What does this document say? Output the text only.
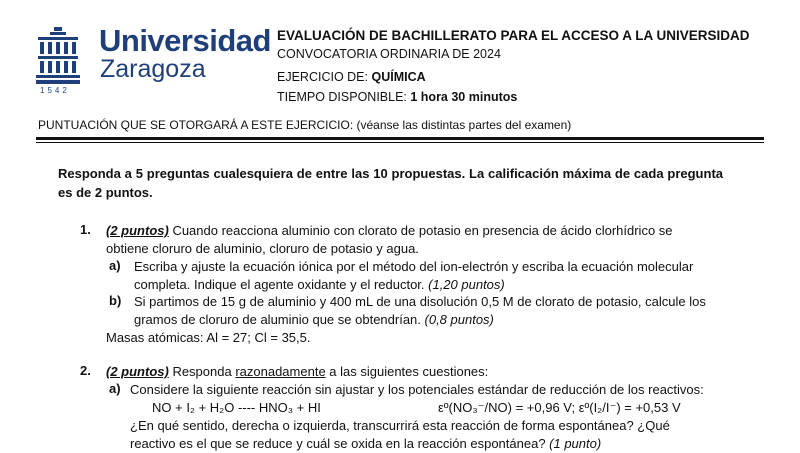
1542
Universidad
Zaragoza
EVALUACIÓN DE BACHILLERATO PARA EL ACCESO A LA UNIVERSIDAD
CONVOCATORIA ORDINARIA DE 2024
EJERCICIO DE: QUÍMICA
TIEMPO DISPONIBLE: 1 hora 30 minutos
PUNTUACIÓN QUE SE OTORGARÁ A ESTE EJERCICIO: (véanse las distintas partes del examen)
Responda a 5 preguntas cualesquiera de entre las 10 propuestas. La calificación máxima de cada pregunta es de 2 puntos.
1. (2 puntos) Cuando reacciona aluminio con clorato de potasio en presencia de ácido clorhídrico se
obtiene cloruro de aluminio, cloruro de potasio y agua.
a) Escriba y ajuste la ecuación iónica por el método del ion-electrón y escriba la ecuación molecular
completa. Indique el agente oxidante y el reductor. (1,20 puntos)
b) Si partimos de 15 g de aluminio y 400 mL de una disolución 0,5 M de clorato de potasio, calcule los
gramos de cloruro de aluminio que se obtendrían. (0,8 puntos)
Masas atómicas: Al = 27; Cl = 35,5.
2. (2 puntos) Responda razonadamente a las siguientes cuestiones:
a) Considere la siguiente reacción sin ajustar y los potenciales estándar de reducción de los reactivos:
NO + I₂ + H₂O ---- HNO₃ + HI	εº(NO₃⁻/NO) = +0,96 V; εº(I₂/I⁻) = +0,53 V
¿En qué sentido, derecha o izquierda, transcurrirá esta reacción de forma espontánea? ¿Qué
reactivo es el que se reduce y cuál se oxida en la reacción espontánea? (1 punto)
